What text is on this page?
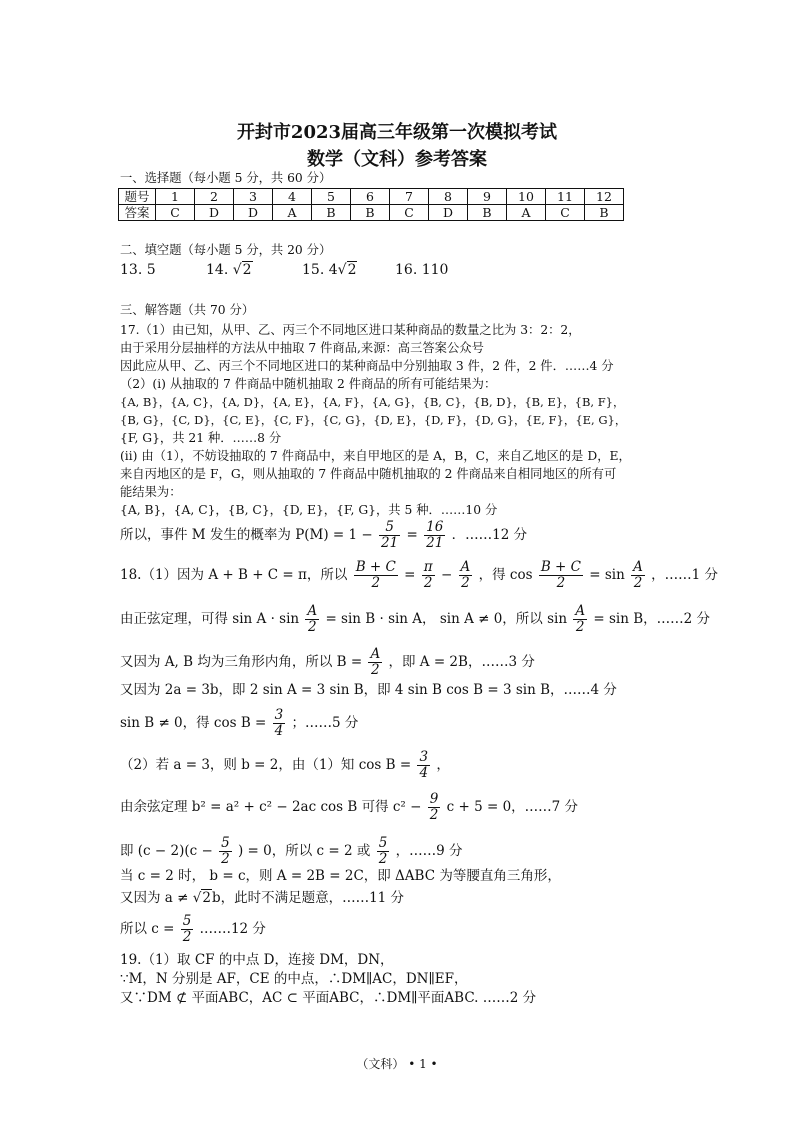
开封市2023届高三年级第一次模拟考试
数学（文科）参考答案
一、选择题（每小题 5 分，共 60 分）
题号	1	2	3	4	5	6	7	8	9	10	11	12
答案	C	D	D	A	B	B	C	D	B	A	C	B
二、填空题（每小题 5 分，共 20 分）
13. 5	14. √2	15. 4√2	16. 110
三、解答题（共 70 分）
17.（1）由已知，从甲、乙、丙三个不同地区进口某种商品的数量之比为 3：2：2，
由于采用分层抽样的方法从中抽取 7 件商品,来源：高三答案公众号
因此应从甲、乙、丙三个不同地区进口的某种商品中分别抽取 3 件，2 件，2 件．……4 分
（2）(ⅰ) 从抽取的 7 件商品中随机抽取 2 件商品的所有可能结果为：
{A, B}，{A, C}，{A, D}，{A, E}，{A, F}，{A, G}，{B, C}，{B, D}，{B, E}，{B, F}，
{B, G}，{C, D}，{C, E}，{C, F}，{C, G}，{D, E}，{D, F}，{D, G}，{E, F}，{E, G}，
{F, G}，共 21 种．……8 分
(ⅱ) 由（1），不妨设抽取的 7 件商品中，来自甲地区的是 A，B，C，来自乙地区的是 D，E，
来自丙地区的是 F，G，则从抽取的 7 件商品中随机抽取的 2 件商品来自相同地区的所有可
能结果为：
{A, B}，{A, C}，{B, C}，{D, E}，{F, G}，共 5 种．……10 分
所以，事件 M 发生的概率为 $P(M) = 1 - \frac{5}{21} = \frac{16}{21}$ ．……12 分
18.（1）因为 A + B + C = π，所以 $\frac{B + C}{2} = \frac{\pi}{2} - \frac{A}{2}$ ，得 $\cos \frac{B + C}{2} = \sin \frac{A}{2}$ ，……1 分
由正弦定理，可得 $\sin A \cdot \sin \frac{A}{2} = \sin B \cdot \sin A$， sin A ≠ 0，所以 $\sin \frac{A}{2} = \sin B$，……2 分
又因为 A, B 均为三角形内角，所以 $B = \frac{A}{2}$ ，即 A = 2B，……3 分
又因为 2a = 3b，即 2 sin A = 3 sin B，即 4 sin B cos B = 3 sin B，……4 分
sin B ≠ 0，得 $\cos B = \frac{3}{4}$ ；……5 分
（2）若 a = 3，则 b = 2，由（1）知 $\cos B = \frac{3}{4}$ ，
由余弦定理 b² = a² + c² − 2ac cos B 可得 $c^2 - \frac{9}{2}$ c + 5 = 0，……7 分
即 $(c - 2)(c - \frac{5}{2}$ ) = 0，所以 c = 2 或 $\frac{5}{2}$ ，……9 分
当 c = 2 时， b = c，则 A = 2B = 2C，即 ΔABC 为等腰直角三角形，
又因为 a ≠ √2b，此时不满足题意，……11 分
所以 $c = \frac{5}{2}$ .……12 分
19.（1）取 CF 的中点 D，连接 DM，DN，
∵M，N 分别是 AF，CE 的中点，∴DM∥AC，DN∥EF，
又∵DM ⊄ 平面ABC，AC ⊂ 平面ABC，∴DM∥平面ABC. ……2 分
（文科） • 1 •
